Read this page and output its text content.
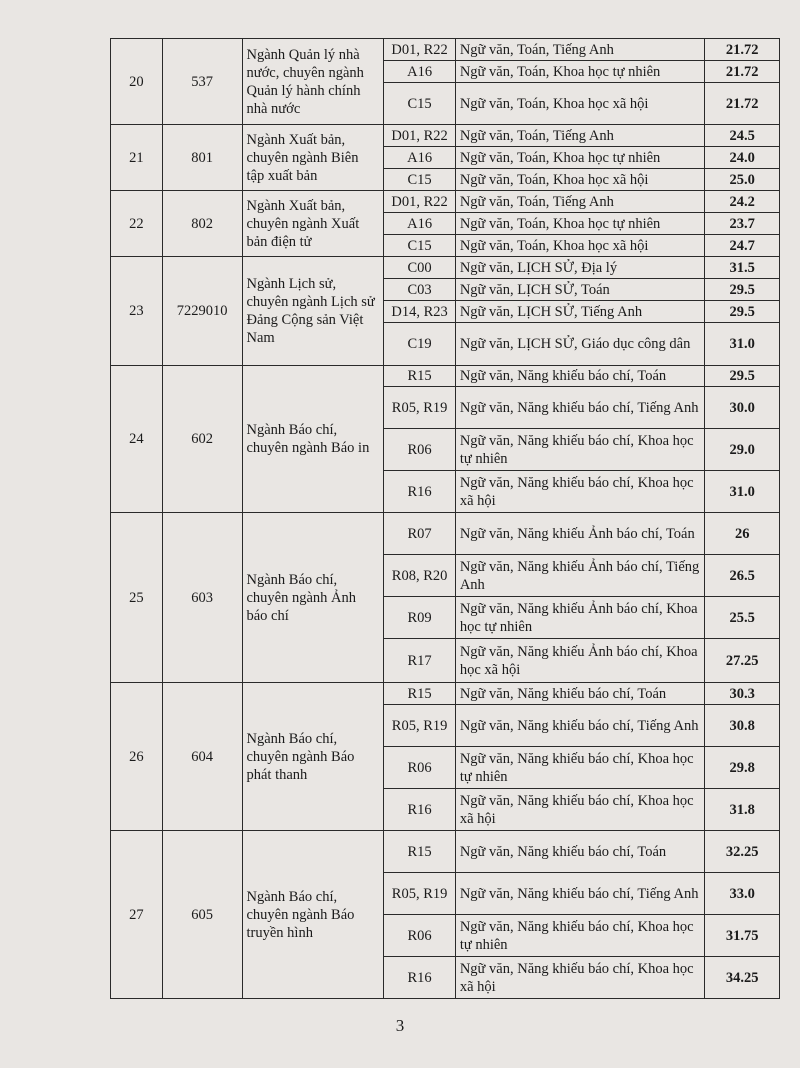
20	537	Ngành Quản lý nhà nước, chuyên ngành Quản lý hành chính nhà nước	D01, R22	Ngữ văn, Toán, Tiếng Anh	21.72
			A16	Ngữ văn, Toán, Khoa học tự nhiên	21.72
			C15	Ngữ văn, Toán, Khoa học xã hội	21.72
21	801	Ngành Xuất bản, chuyên ngành Biên tập xuất bản	D01, R22	Ngữ văn, Toán, Tiếng Anh	24.5
			A16	Ngữ văn, Toán, Khoa học tự nhiên	24.0
			C15	Ngữ văn, Toán, Khoa học xã hội	25.0
22	802	Ngành Xuất bản, chuyên ngành Xuất bản điện tử	D01, R22	Ngữ văn, Toán, Tiếng Anh	24.2
			A16	Ngữ văn, Toán, Khoa học tự nhiên	23.7
			C15	Ngữ văn, Toán, Khoa học xã hội	24.7
23	7229010	Ngành Lịch sử, chuyên ngành Lịch sử Đảng Cộng sản Việt Nam	C00	Ngữ văn, LỊCH SỬ, Địa lý	31.5
			C03	Ngữ văn, LỊCH SỬ, Toán	29.5
			D14, R23	Ngữ văn, LỊCH SỬ, Tiếng Anh	29.5
			C19	Ngữ văn, LỊCH SỬ, Giáo dục công dân	31.0
24	602	Ngành Báo chí, chuyên ngành Báo in	R15	Ngữ văn, Năng khiếu báo chí, Toán	29.5
			R05, R19	Ngữ văn, Năng khiếu báo chí, Tiếng Anh	30.0
			R06	Ngữ văn, Năng khiếu báo chí, Khoa học tự nhiên	29.0
			R16	Ngữ văn, Năng khiếu báo chí, Khoa học xã hội	31.0
25	603	Ngành Báo chí, chuyên ngành Ảnh báo chí	R07	Ngữ văn, Năng khiếu Ảnh báo chí, Toán	26
			R08, R20	Ngữ văn, Năng khiếu Ảnh báo chí, Tiếng Anh	26.5
			R09	Ngữ văn, Năng khiếu Ảnh báo chí, Khoa học tự nhiên	25.5
			R17	Ngữ văn, Năng khiếu Ảnh báo chí, Khoa học xã hội	27.25
26	604	Ngành Báo chí, chuyên ngành Báo phát thanh	R15	Ngữ văn, Năng khiếu báo chí, Toán	30.3
			R05, R19	Ngữ văn, Năng khiếu báo chí, Tiếng Anh	30.8
			R06	Ngữ văn, Năng khiếu báo chí, Khoa học tự nhiên	29.8
			R16	Ngữ văn, Năng khiếu báo chí, Khoa học xã hội	31.8
27	605	Ngành Báo chí, chuyên ngành Báo truyền hình	R15	Ngữ văn, Năng khiếu báo chí, Toán	32.25
			R05, R19	Ngữ văn, Năng khiếu báo chí, Tiếng Anh	33.0
			R06	Ngữ văn, Năng khiếu báo chí, Khoa học tự nhiên	31.75
			R16	Ngữ văn, Năng khiếu báo chí, Khoa học xã hội	34.25
3
